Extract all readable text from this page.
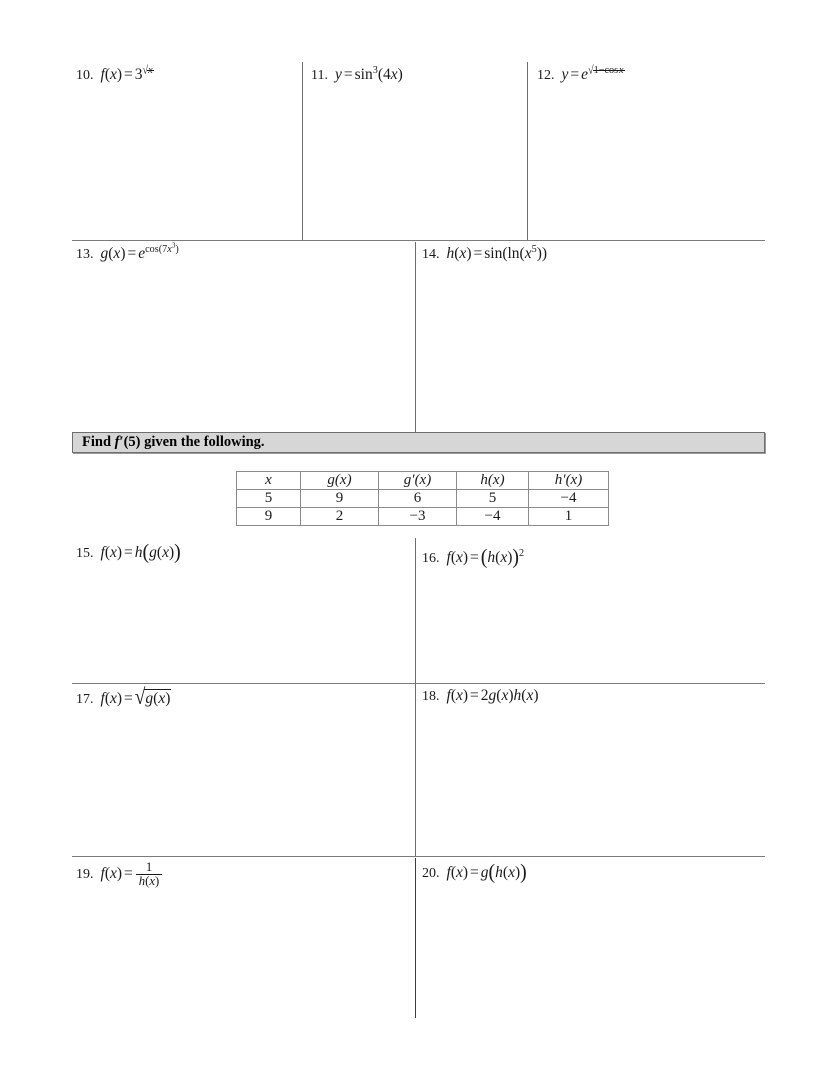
10. $f(x) = 3^{√x}$	11. $y = \sin^3(4x)$	12. $y = e^{√1-cos x}$
13. $g(x) = e^{cos(7x^3)}$	14. $h(x) = \sin(\ln(x^5))$
Find f′(5) given the following.
x	g(x)	g′(x)	h(x)	h′(x)
5	9	6	5	−4
9	2	−3	−4	1
15. f(x) = h(g(x))	16. $f(x) = (h(x))^2$
17. f(x) = √g(x)	18. f(x) = 2g(x)h(x)
19. $f(x) = \frac{1}{h(x)}$	20. f(x) = g(h(x))
